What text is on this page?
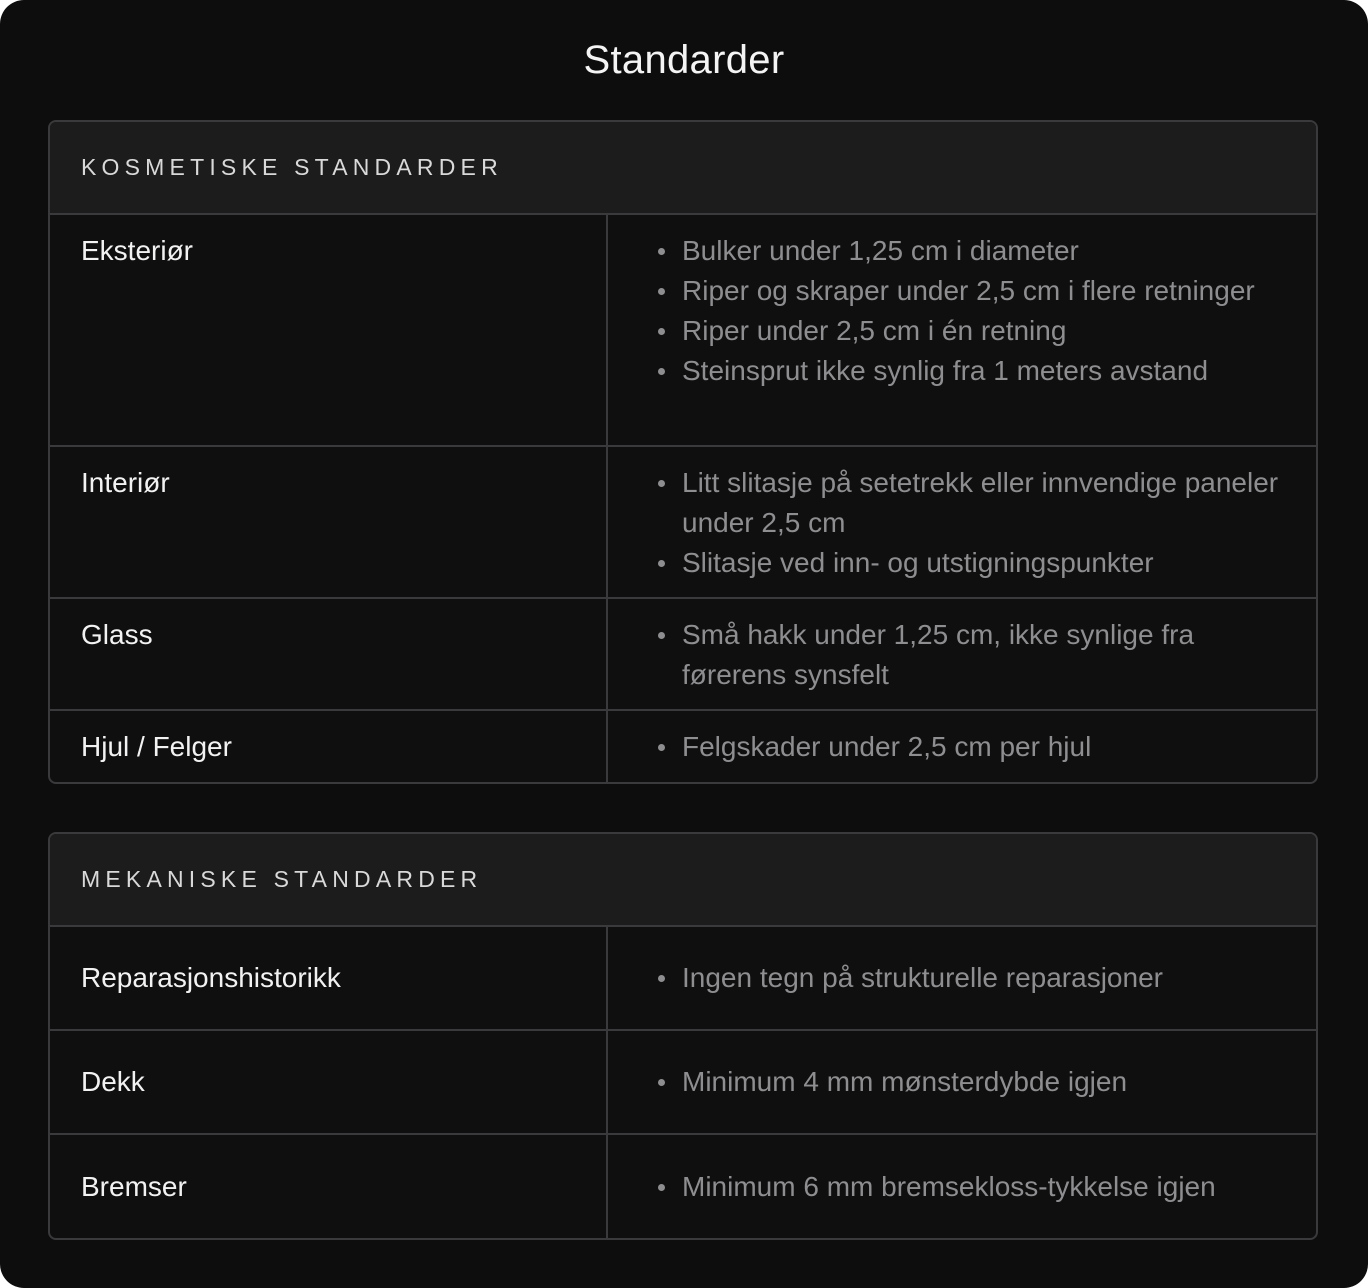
Standarder
KOSMETISKE STANDARDER
Eksteriør	Bulker under 1,25 cm i diameter
Riper og skraper under 2,5 cm i flere retninger
Riper under 2,5 cm i én retning
Steinsprut ikke synlig fra 1 meters avstand
Interiør	Litt slitasje på setetrekk eller innvendige paneler under 2,5 cm
Slitasje ved inn- og utstigningspunkter
Glass	Små hakk under 1,25 cm, ikke synlige fra førerens synsfelt
Hjul / Felger	Felgskader under 2,5 cm per hjul
MEKANISKE STANDARDER
Reparasjonshistorikk	Ingen tegn på strukturelle reparasjoner
Dekk	Minimum 4 mm mønsterdybde igjen
Bremser	Minimum 6 mm bremsekloss-tykkelse igjen
